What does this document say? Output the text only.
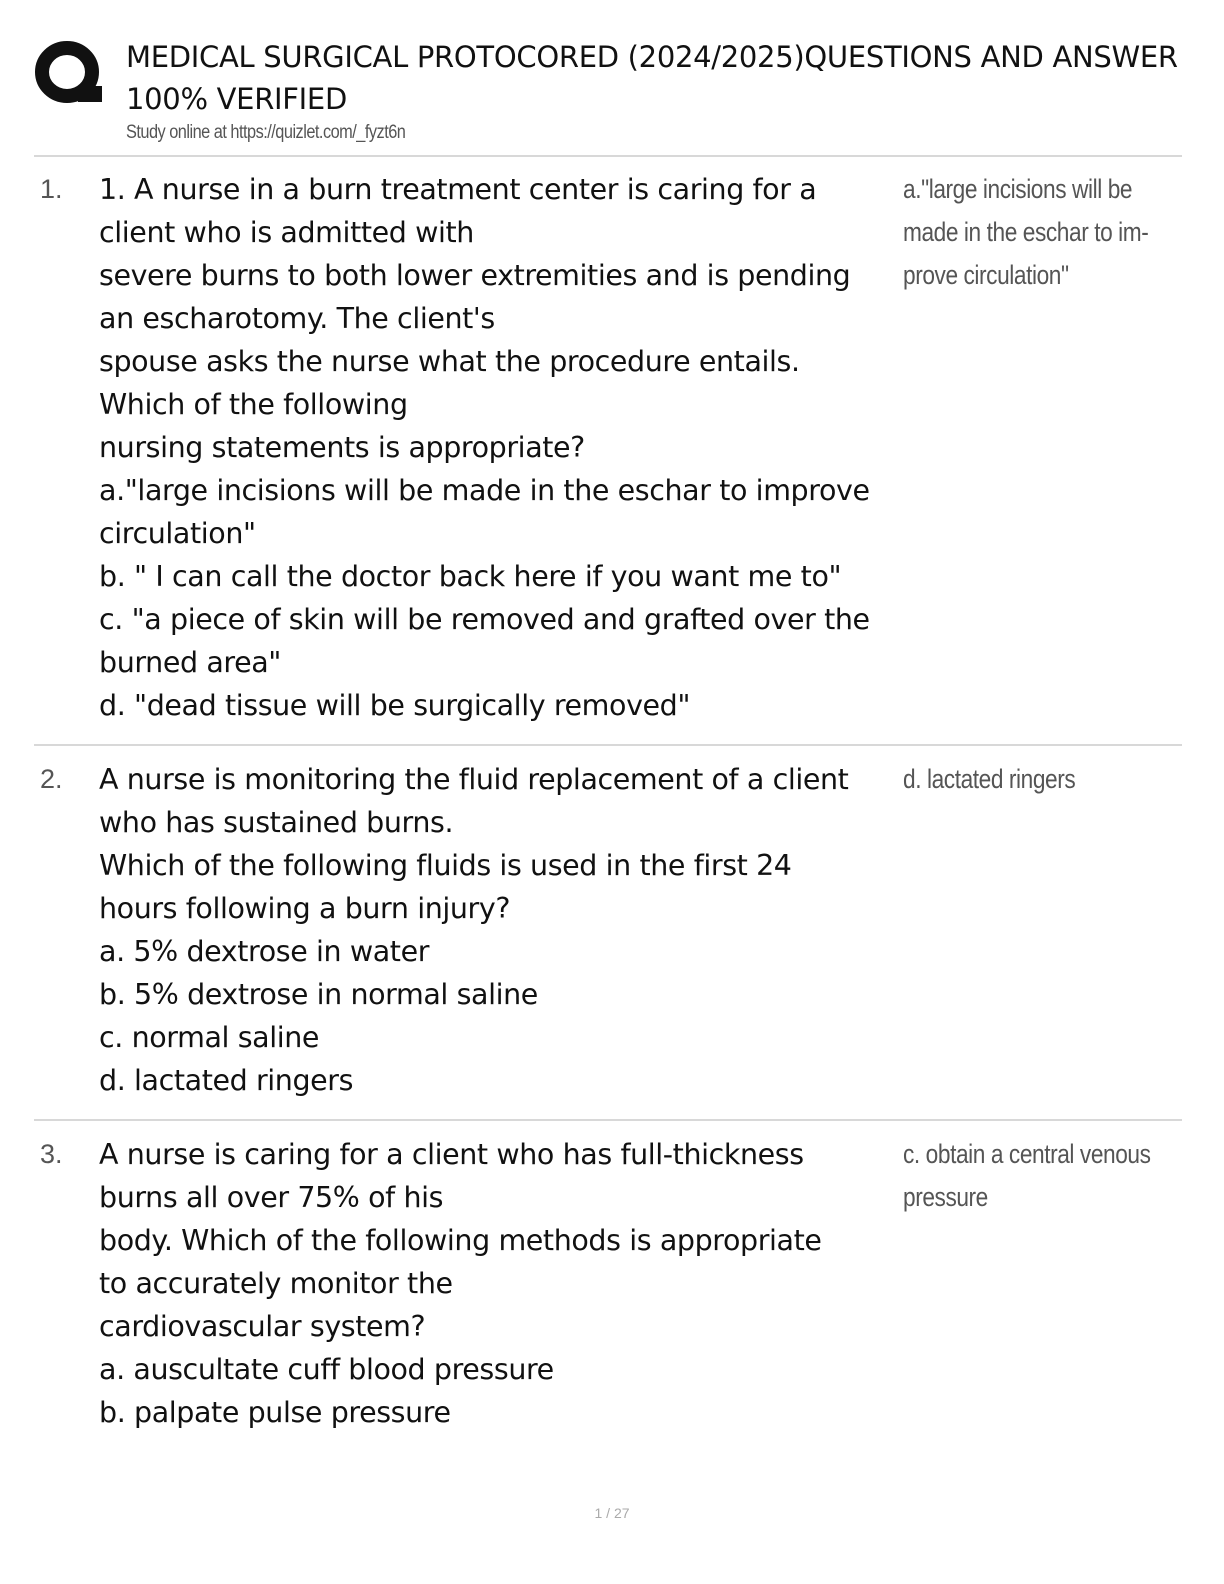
MEDICAL SURGICAL PROTOCORED (2024/2025)QUESTIONS AND ANSWER
100% VERIFIED
Study online at https://quizlet.com/_fyzt6n
1. 1. A nurse in a burn treatment center is caring for a
client who is admitted with
severe burns to both lower extremities and is pending
an escharotomy. The client's
spouse asks the nurse what the procedure entails.
Which of the following
nursing statements is appropriate?
a."large incisions will be made in the eschar to improve
circulation"
b. " I can call the doctor back here if you want me to"
c. "a piece of skin will be removed and grafted over the
burned area"
d. "dead tissue will be surgically removed"
a."large incisions will be
made in the eschar to im-
prove circulation"
2. A nurse is monitoring the fluid replacement of a client
who has sustained burns.
Which of the following fluids is used in the first 24
hours following a burn injury?
a. 5% dextrose in water
b. 5% dextrose in normal saline
c. normal saline
d. lactated ringers
d. lactated ringers
3. A nurse is caring for a client who has full-thickness
burns all over 75% of his
body. Which of the following methods is appropriate
to accurately monitor the
cardiovascular system?
a. auscultate cuff blood pressure
b. palpate pulse pressure
c. obtain a central venous
pressure
1 / 27
